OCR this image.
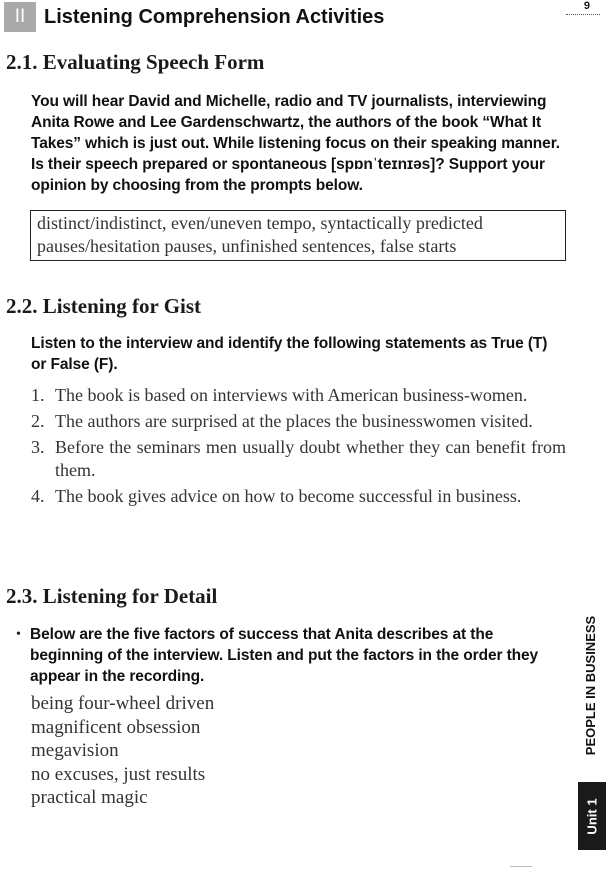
II Listening Comprehension Activities	9
2.1. Evaluating Speech Form

You will hear David and Michelle, radio and TV journalists, interviewing Anita Rowe and Lee Gardenschwartz, the authors of the book “What It Takes” which is just out. While listening focus on their speaking manner. Is their speech prepared or spontaneous [spɒnˈteɪnɪəs]? Support your opinion by choosing from the prompts below.

distinct/indistinct, even/uneven tempo, syntactically predicted pauses/hesitation pauses, unfinished sentences, false starts
2.2. Listening for Gist

Listen to the interview and identify the following statements as True (T) or False (F).

1. The book is based on interviews with American business-women.
2. The authors are surprised at the places the businesswomen visited.
3. Before the seminars men usually doubt whether they can benefit from them.
4. The book gives advice on how to become successful in business.
2.3. Listening for Detail
• Below are the five factors of success that Anita describes at the beginning of the interview. Listen and put the factors in the order they appear in the recording.

being four-wheel driven
magnificent obsession
megavision
no excuses, just results
practical magic
PEOPLE IN BUSINESS
Unit 1
